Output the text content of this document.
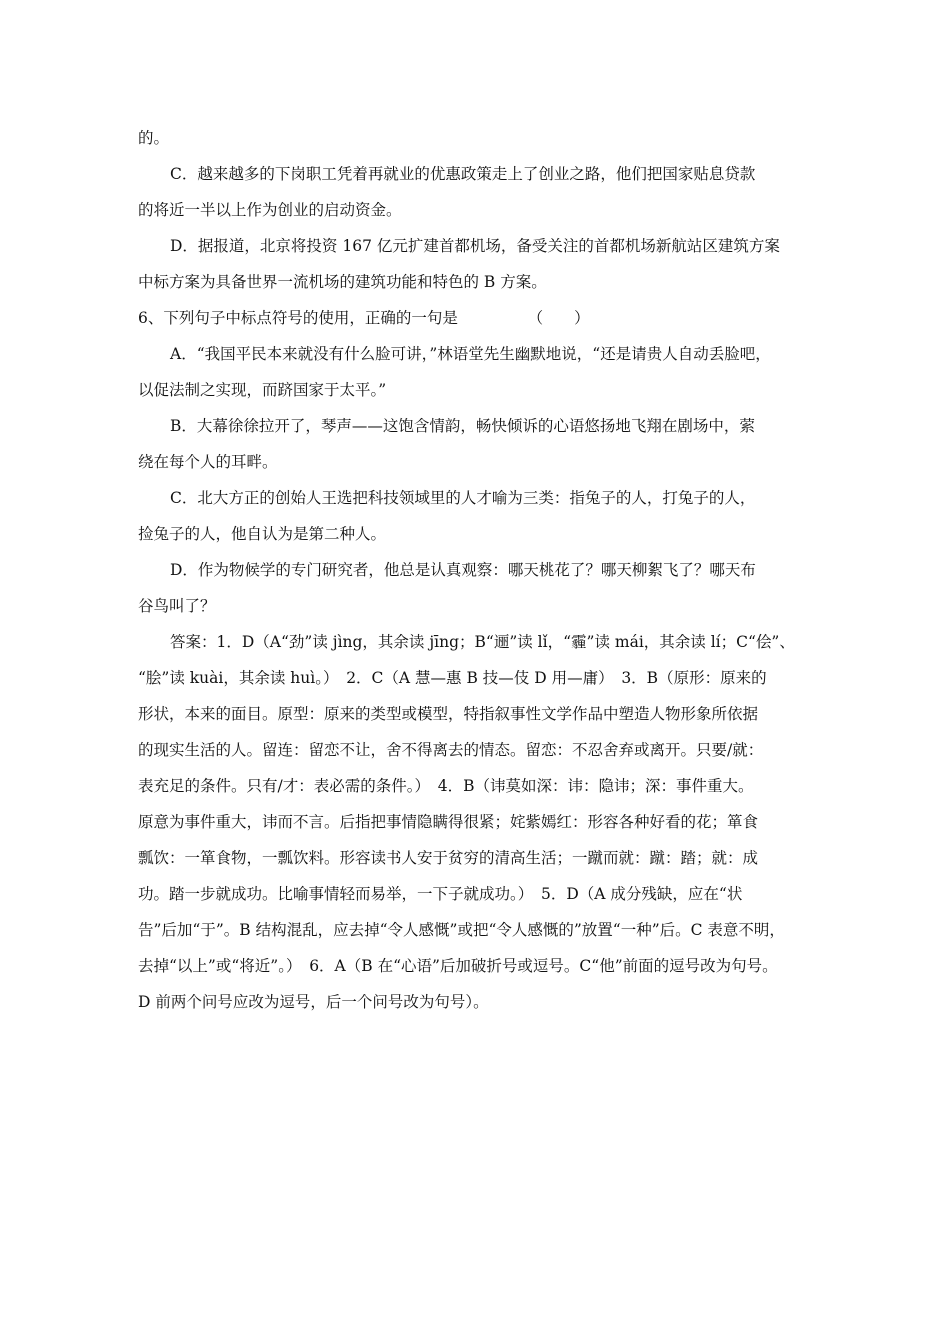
的。
C．越来越多的下岗职工凭着再就业的优惠政策走上了创业之路，他们把国家贴息贷款
的将近一半以上作为创业的启动资金。
D．据报道，北京将投资 167 亿元扩建首都机场，备受关注的首都机场新航站区建筑方案
中标方案为具备世界一流机场的建筑功能和特色的 B 方案。
6、下列句子中标点符号的使用，正确的一句是　　　　　（　　）
A．“我国平民本来就没有什么脸可讲，”林语堂先生幽默地说，“还是请贵人自动丢脸吧，
以促法制之实现，而跻国家于太平。”
B．大幕徐徐拉开了，琴声——这饱含情韵，畅快倾诉的心语悠扬地飞翔在剧场中，萦
绕在每个人的耳畔。
C．北大方正的创始人王选把科技领域里的人才喻为三类：指兔子的人，打兔子的人，
捡兔子的人，他自认为是第二种人。
D．作为物候学的专门研究者，他总是认真观察：哪天桃花了？哪天柳絮飞了？哪天布
谷鸟叫了？
答案：1．D（A“劲”读 jìng，其余读 jīng；B“逦”读 lǐ，“霾”读 mái，其余读 lí；C“侩”、
“脍”读 kuài，其余读 huì。）　2．C（A 慧—惠 B 技—伎 D 用—庸）　3．B（原形：原来的
形状，本来的面目。原型：原来的类型或模型，特指叙事性文学作品中塑造人物形象所依据
的现实生活的人。留连：留恋不让，舍不得离去的情态。留恋：不忍舍弃或离开。只要/就：
表充足的条件。只有/才：表必需的条件。）　4．B（讳莫如深：讳：隐讳；深：事件重大。
原意为事件重大，讳而不言。后指把事情隐瞒得很紧；姹紫嫣红：形容各种好看的花；箪食
瓢饮：一箪食物，一瓢饮料。形容读书人安于贫穷的清高生活；一蹴而就：蹴：踏；就：成
功。踏一步就成功。比喻事情轻而易举，一下子就成功。）　5．D（A 成分残缺，应在“状
告”后加“于”。B 结构混乱，应去掉“令人感慨”或把“令人感慨的”放置“一种”后。C 表意不明，
去掉“以上”或“将近”。）　6．A（B 在“心语”后加破折号或逗号。C“他”前面的逗号改为句号。
D 前两个问号应改为逗号，后一个问号改为句号）。
